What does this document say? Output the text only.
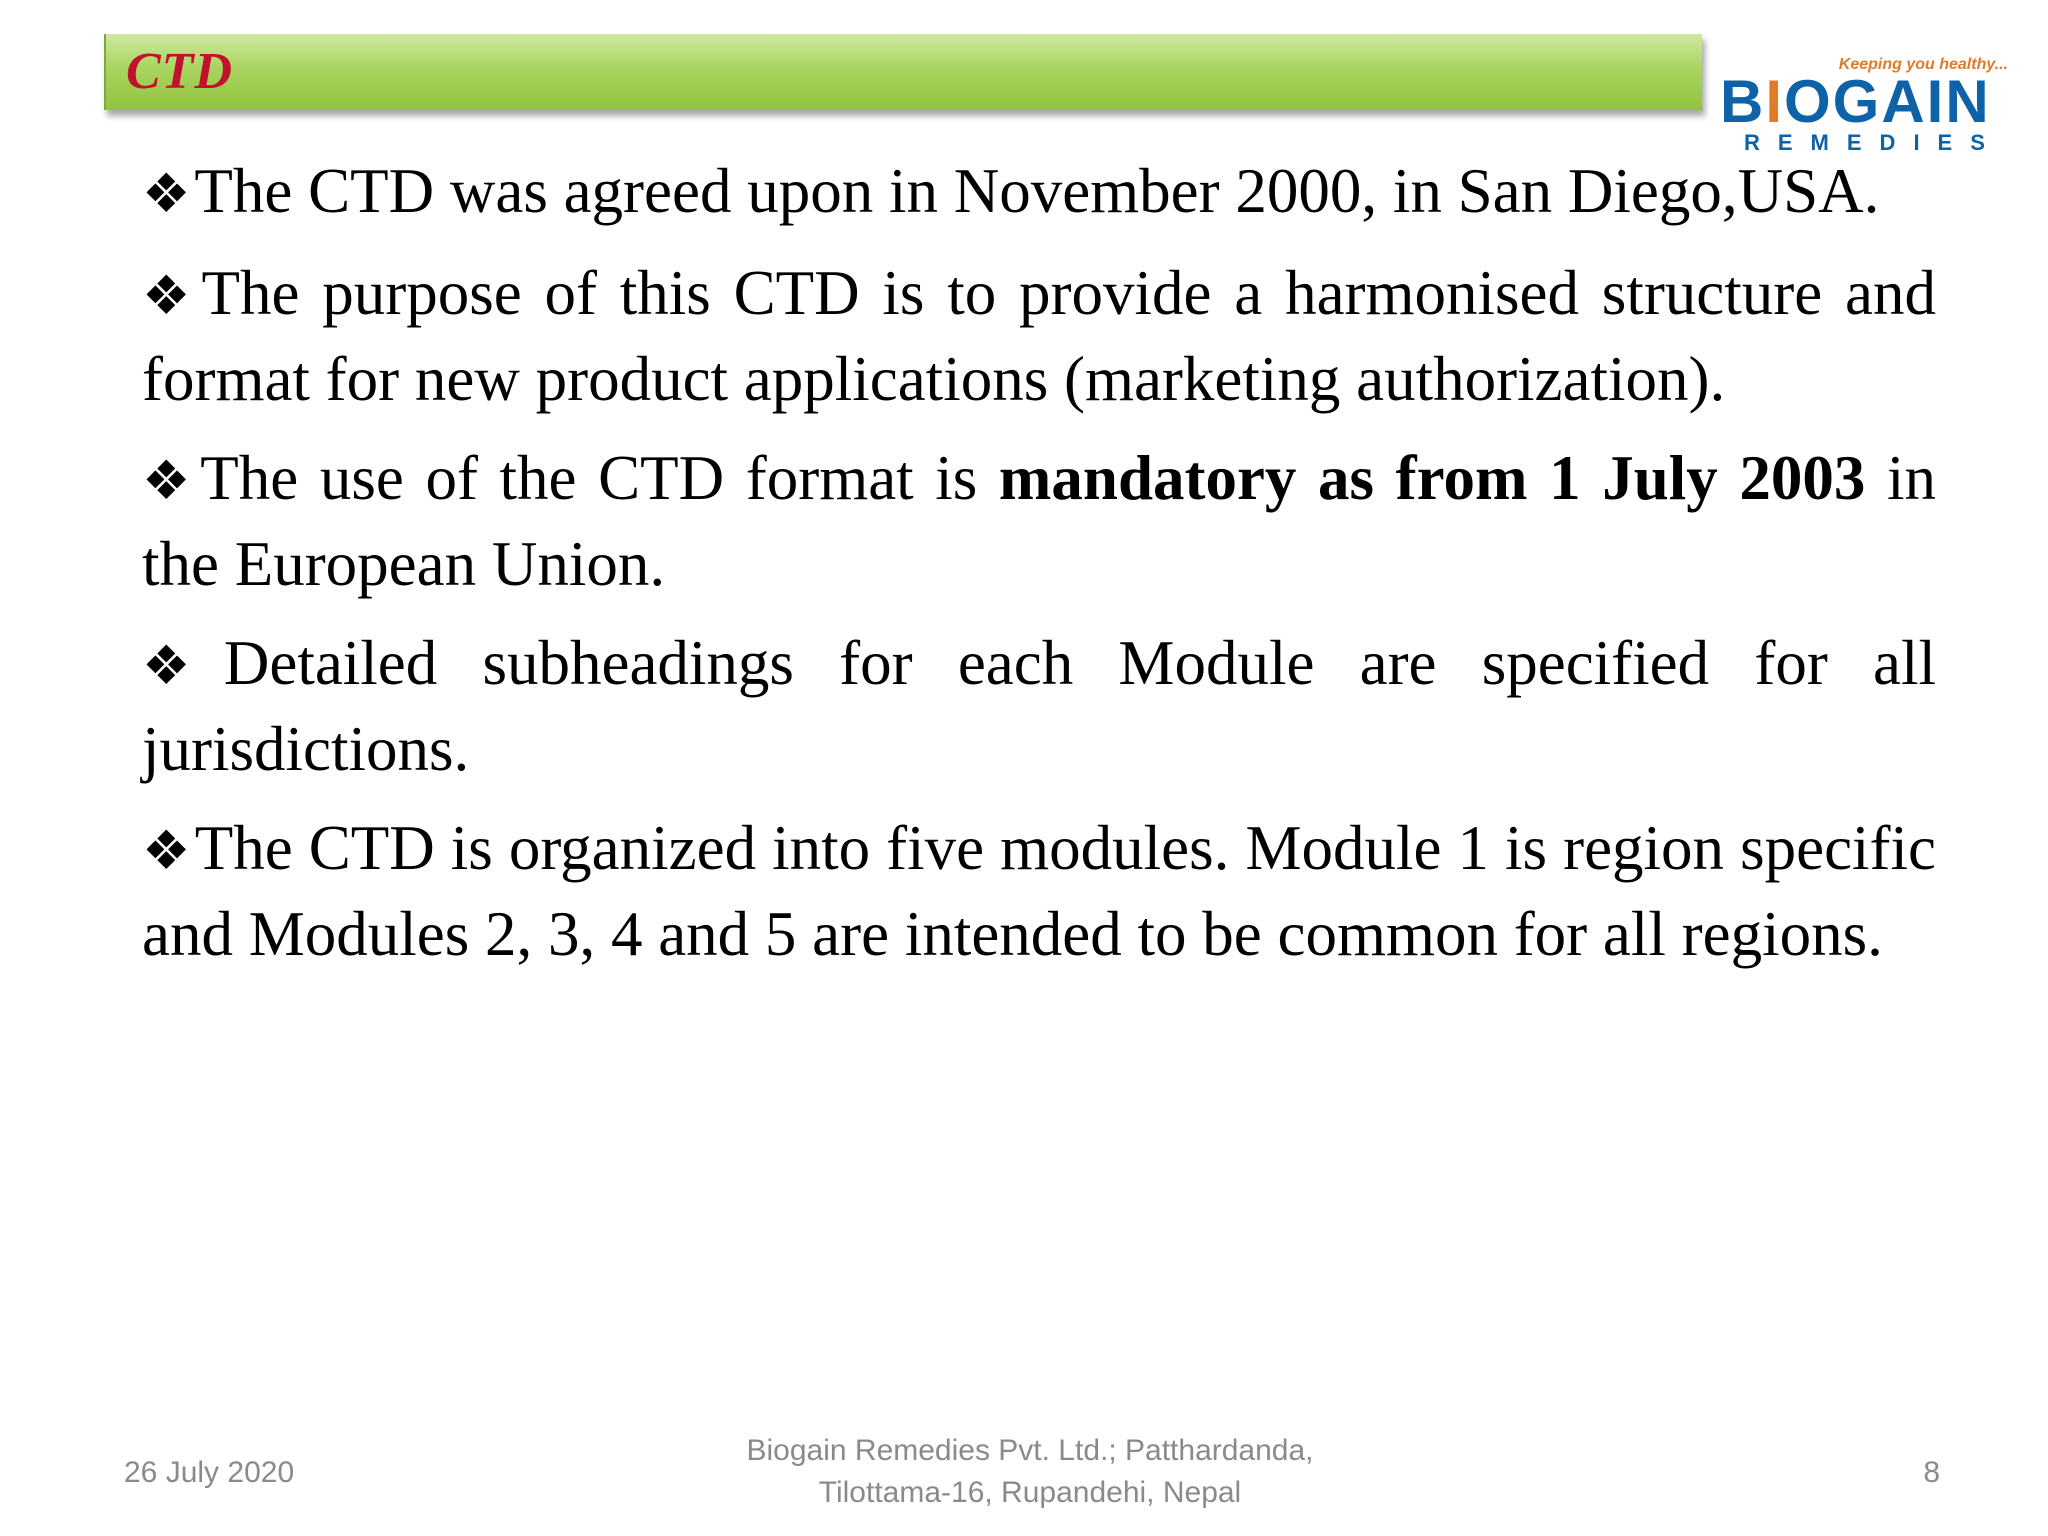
CTD	Keeping you healthy...
BIOGAIN
REMEDIES

❖The CTD was agreed upon in November 2000, in San Diego,USA.

❖The purpose of this CTD is to provide a harmonised structure and format for new product applications (marketing authorization).

❖The use of the CTD format is mandatory as from 1 July 2003 in the European Union.

❖Detailed subheadings for each Module are specified for all jurisdictions.

❖The CTD is organized into five modules. Module 1 is region specific and Modules 2, 3, 4 and 5 are intended to be common for all regions.

26 July 2020
Biogain Remedies Pvt. Ltd.; Patthardanda,
Tilottama-16, Rupandehi, Nepal
8
